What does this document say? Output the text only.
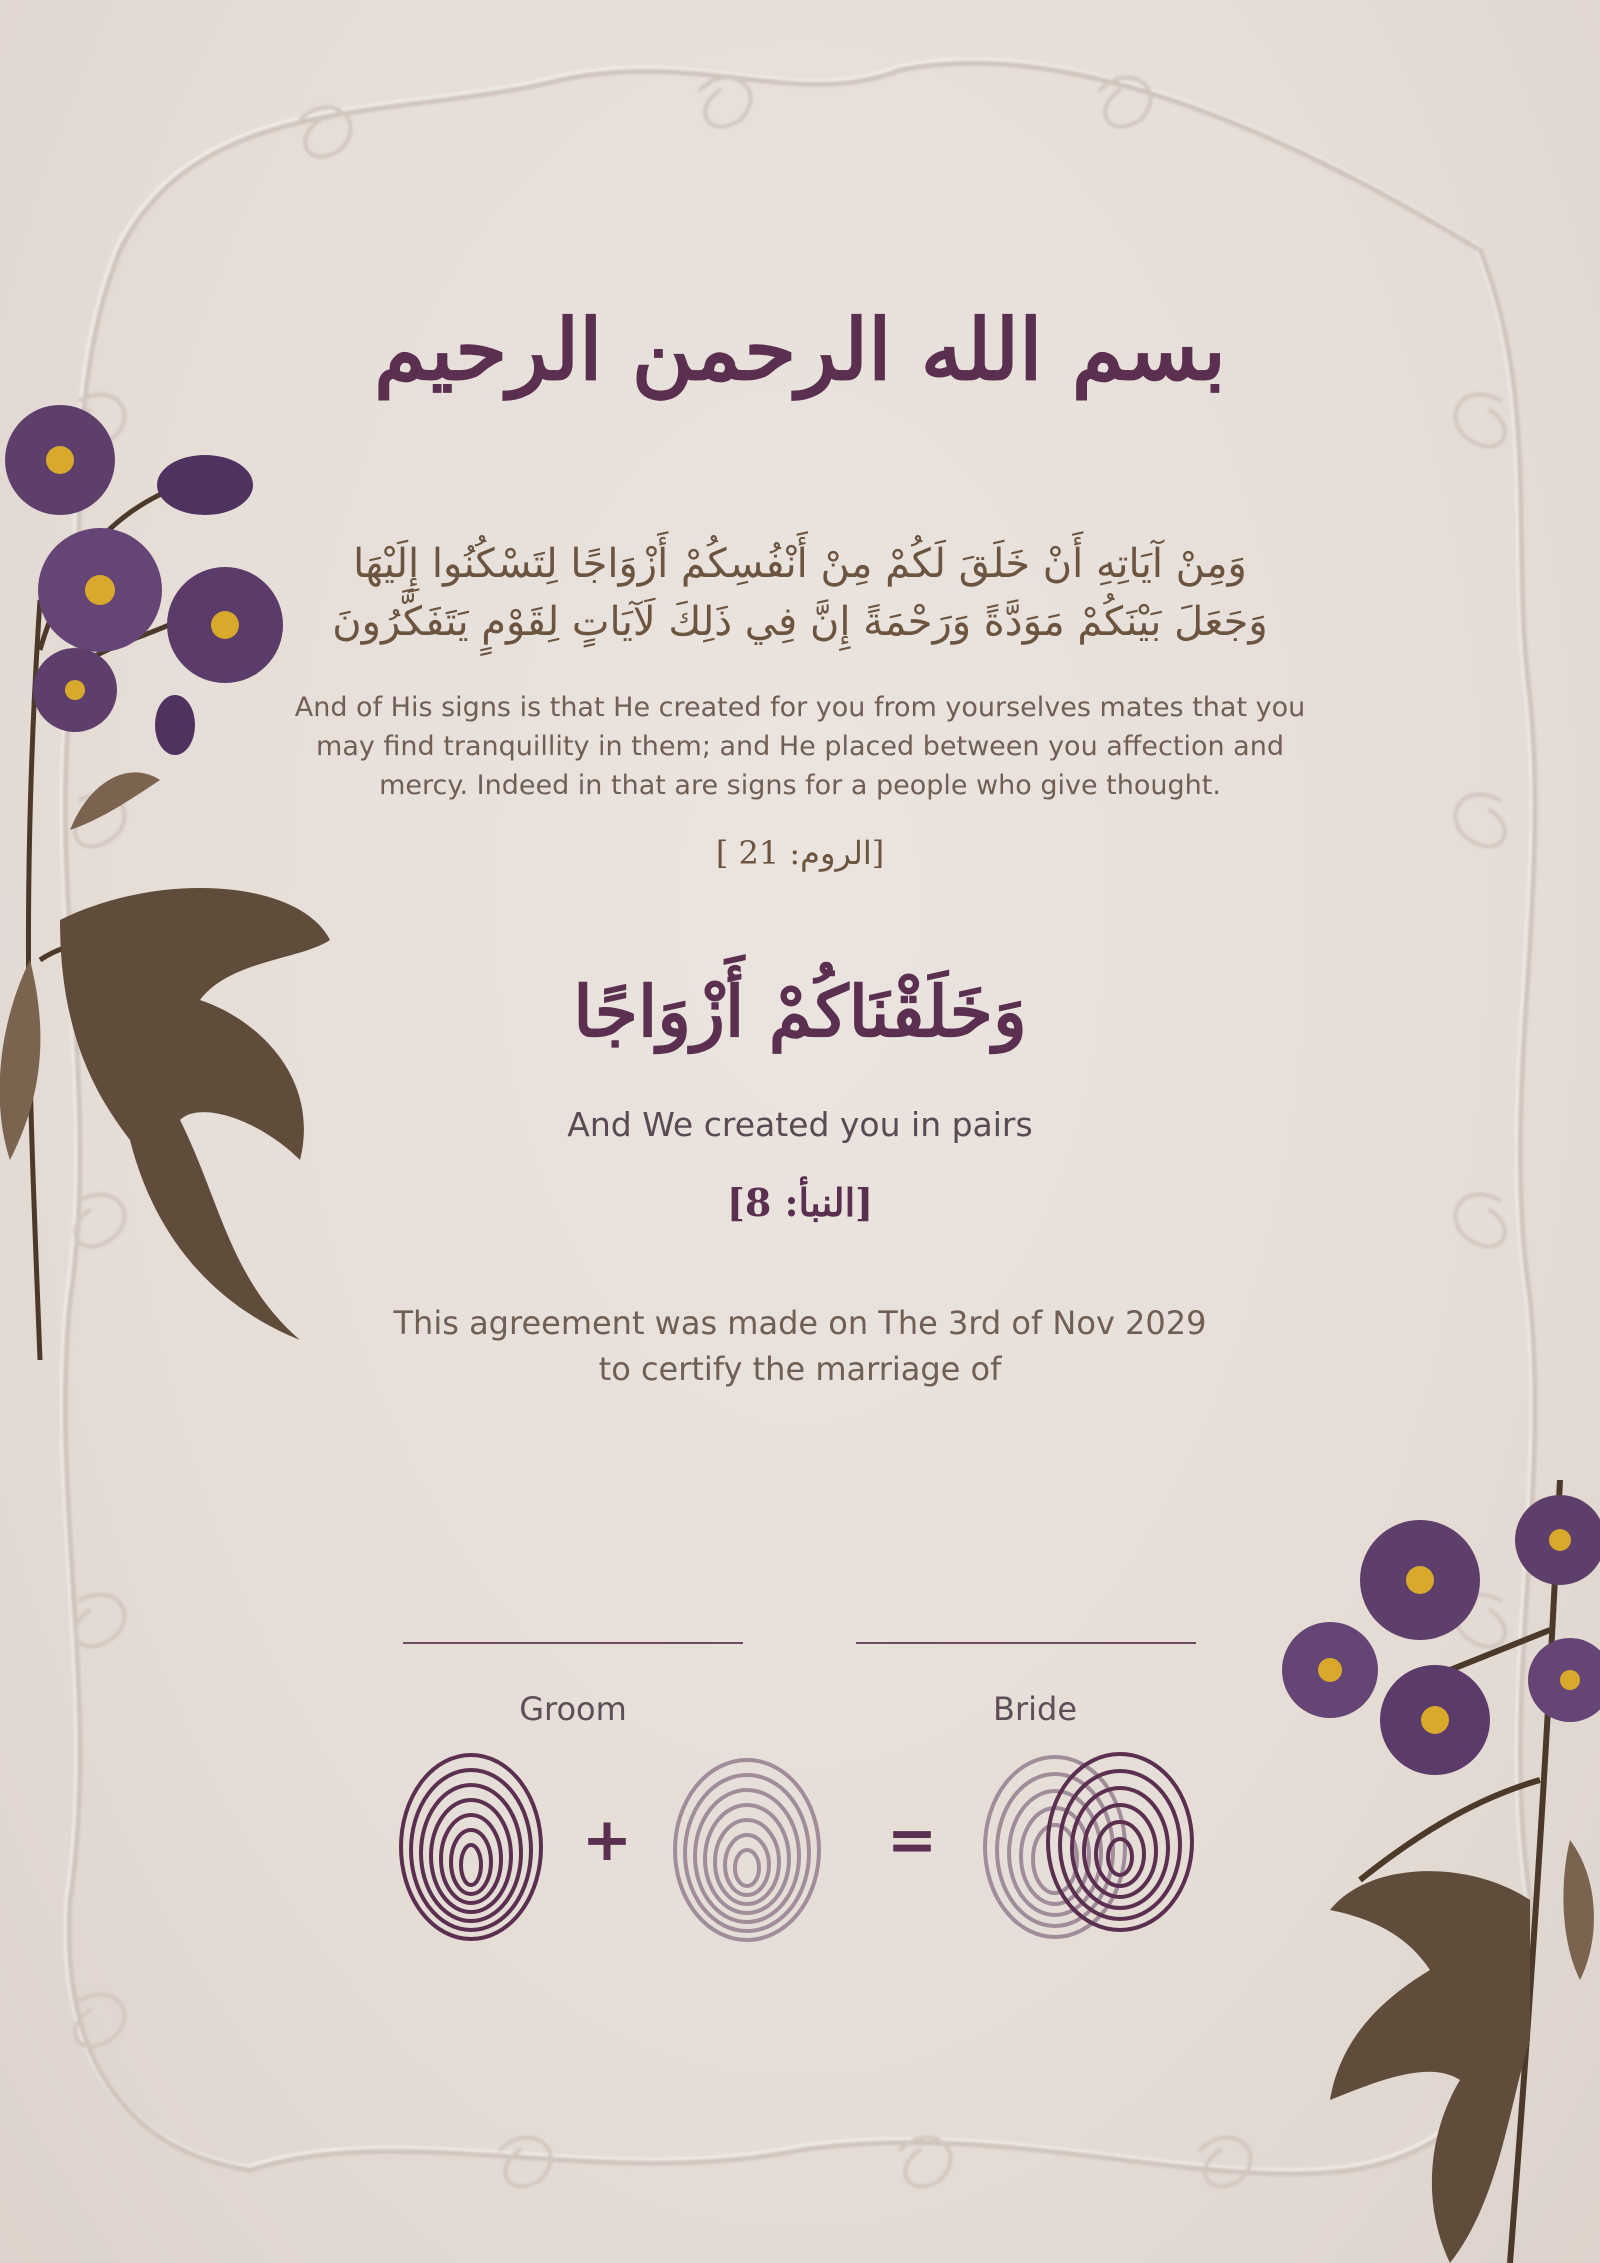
بسم الله الرحمن الرحيم
وَمِنْ آيَاتِهِ أَنْ خَلَقَ لَكُمْ مِنْ أَنْفُسِكُمْ أَزْوَاجًا لِتَسْكُنُوا إِلَيْهَا وَجَعَلَ بَيْنَكُمْ مَوَدَّةً وَرَحْمَةً إِنَّ فِي ذَلِكَ لَآيَاتٍ لِقَوْمٍ يَتَفَكَّرُونَ
And of His signs is that He created for you from yourselves mates that you may find tranquillity in them; and He placed between you affection and mercy. Indeed in that are signs for a people who give thought.
[الروم: 21 ]
وَخَلَقْنَاكُمْ أَزْوَاجًا
And We created you in pairs
[النبأ: 8]
This agreement was made on The 3rd of Nov 2029
to certify the marriage of
Groom	Bride
+	=
